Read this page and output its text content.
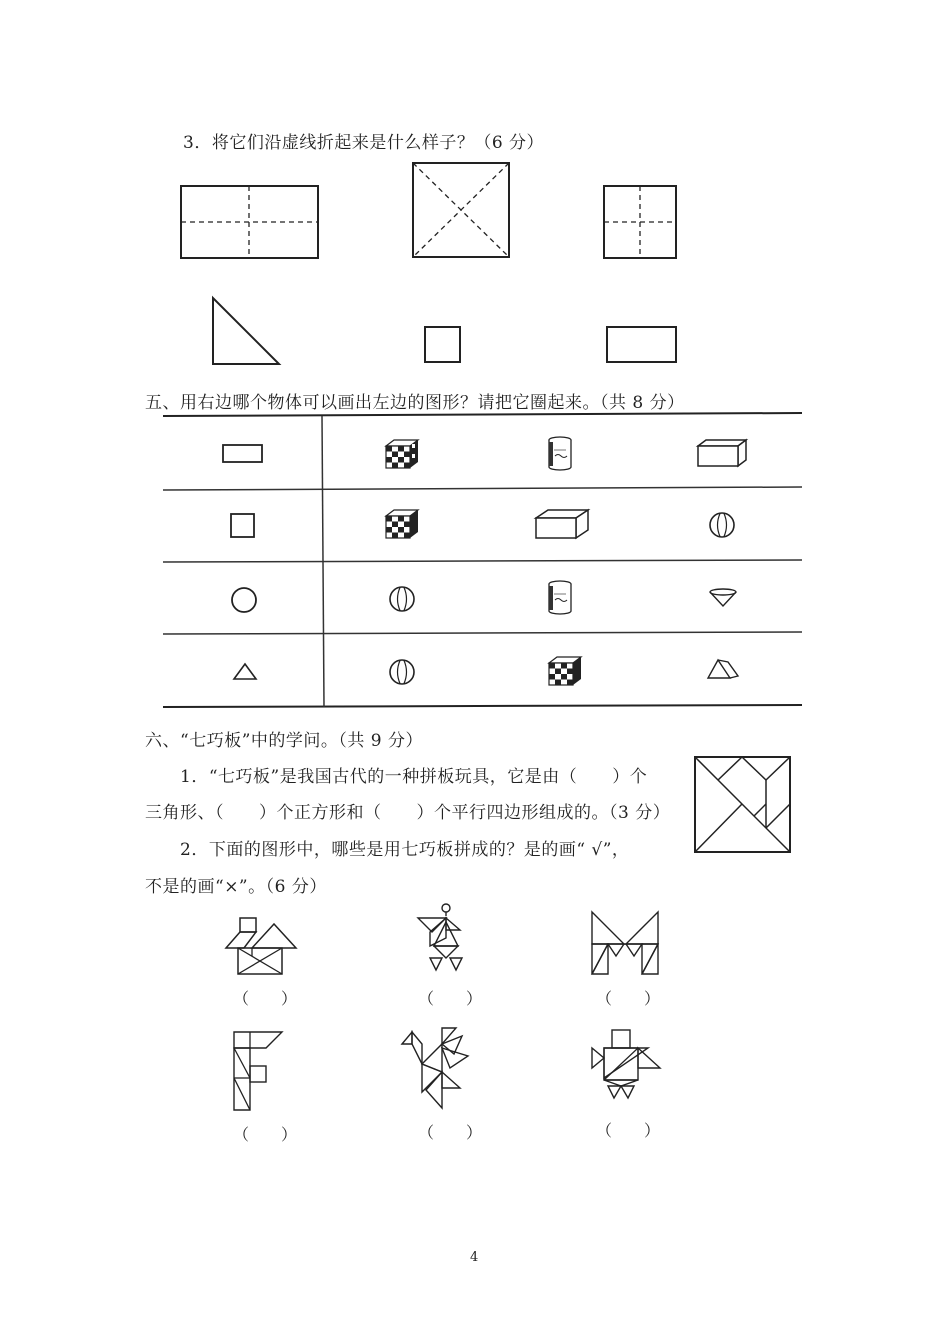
3．将它们沿虚线折起来是什么样子？（6 分）
五、用右边哪个物体可以画出左边的图形？请把它圈起来。（共 8 分）
六、“七巧板”中的学问。（共 9 分）
1．“七巧板”是我国古代的一种拼板玩具，它是由（　　）个
三角形、（　　）个正方形和（　　）个平行四边形组成的。（3 分）
2．下面的图形中，哪些是用七巧板拼成的？是的画“ √”，
不是的画“×”。（6 分）
（　　）	（　　）	（　　）
（　　）	（　　）	（　　）
4
